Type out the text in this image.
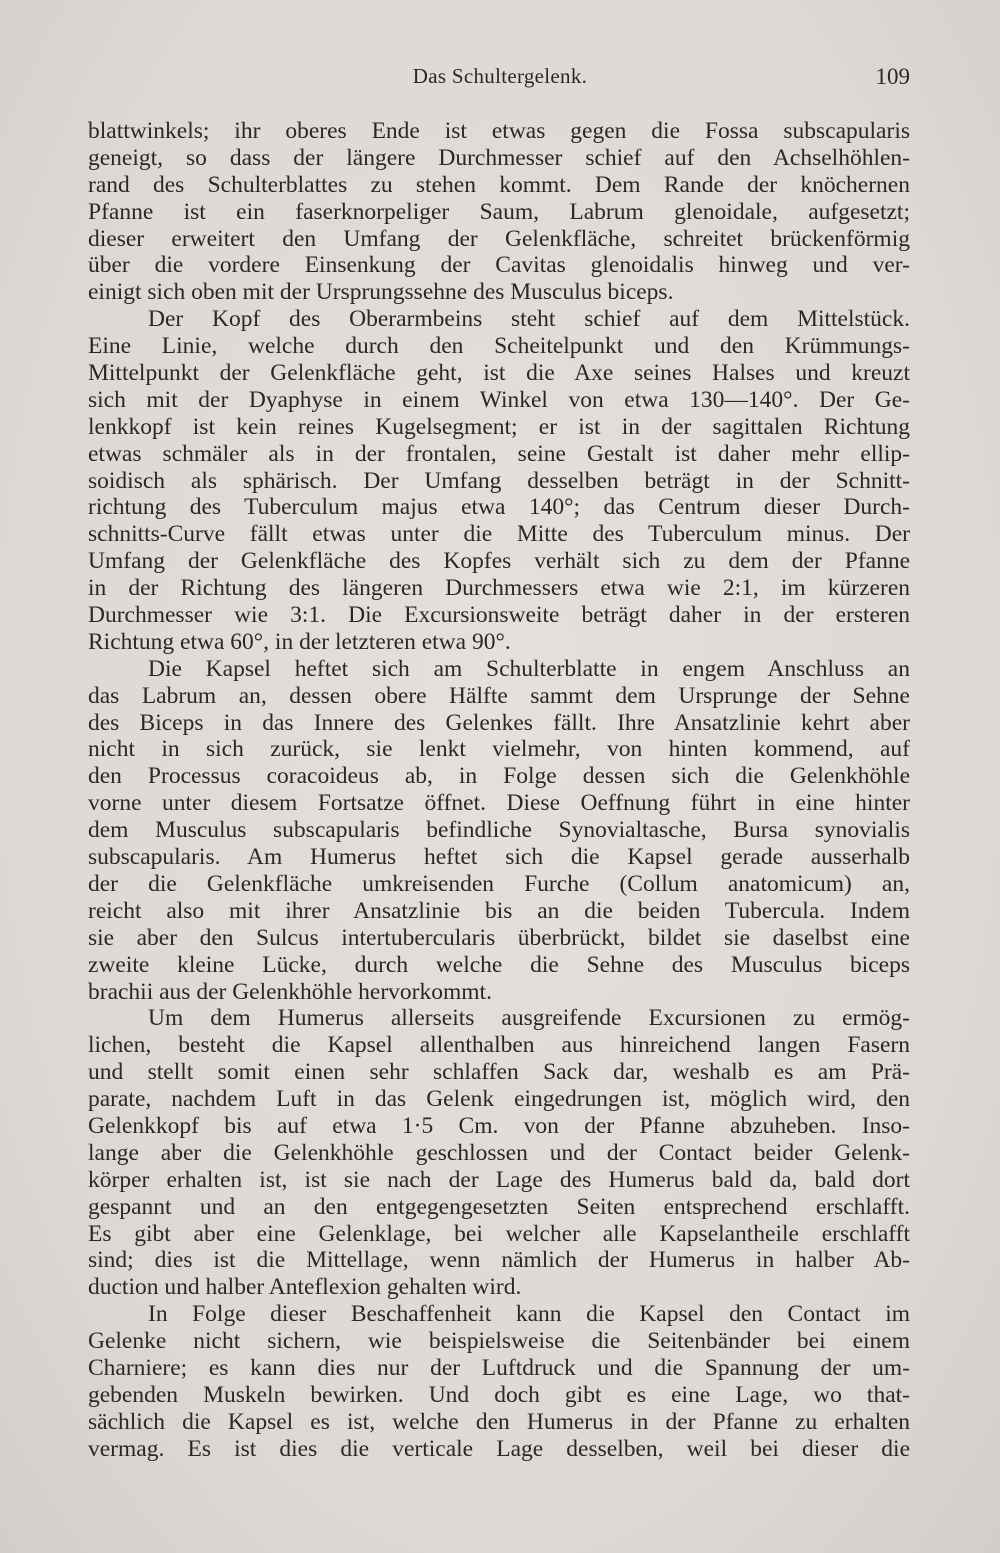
Das Schultergelenk.	109
blattwinkels; ihr oberes Ende ist etwas gegen die Fossa subscapularis
geneigt, so dass der längere Durchmesser schief auf den Achselhöhlen-
rand des Schulterblattes zu stehen kommt. Dem Rande der knöchernen
Pfanne ist ein faserknorpeliger Saum, Labrum glenoidale, aufgesetzt;
dieser erweitert den Umfang der Gelenkfläche, schreitet brückenförmig
über die vordere Einsenkung der Cavitas glenoidalis hinweg und ver-
einigt sich oben mit der Ursprungssehne des Musculus biceps.
Der Kopf des Oberarmbeins steht schief auf dem Mittelstück.
Eine Linie, welche durch den Scheitelpunkt und den Krümmungs-
Mittelpunkt der Gelenkfläche geht, ist die Axe seines Halses und kreuzt
sich mit der Dyaphyse in einem Winkel von etwa 130—140°. Der Ge-
lenkkopf ist kein reines Kugelsegment; er ist in der sagittalen Richtung
etwas schmäler als in der frontalen, seine Gestalt ist daher mehr ellip-
soidisch als sphärisch. Der Umfang desselben beträgt in der Schnitt-
richtung des Tuberculum majus etwa 140°; das Centrum dieser Durch-
schnitts-Curve fällt etwas unter die Mitte des Tuberculum minus. Der
Umfang der Gelenkfläche des Kopfes verhält sich zu dem der Pfanne
in der Richtung des längeren Durchmessers etwa wie 2:1, im kürzeren
Durchmesser wie 3:1. Die Excursionsweite beträgt daher in der ersteren
Richtung etwa 60°, in der letzteren etwa 90°.
Die Kapsel heftet sich am Schulterblatte in engem Anschluss an
das Labrum an, dessen obere Hälfte sammt dem Ursprunge der Sehne
des Biceps in das Innere des Gelenkes fällt. Ihre Ansatzlinie kehrt aber
nicht in sich zurück, sie lenkt vielmehr, von hinten kommend, auf
den Processus coracoideus ab, in Folge dessen sich die Gelenkhöhle
vorne unter diesem Fortsatze öffnet. Diese Oeffnung führt in eine hinter
dem Musculus subscapularis befindliche Synovialtasche, Bursa synovialis
subscapularis. Am Humerus heftet sich die Kapsel gerade ausserhalb
der die Gelenkfläche umkreisenden Furche (Collum anatomicum) an,
reicht also mit ihrer Ansatzlinie bis an die beiden Tubercula. Indem
sie aber den Sulcus intertubercularis überbrückt, bildet sie daselbst eine
zweite kleine Lücke, durch welche die Sehne des Musculus biceps
brachii aus der Gelenkhöhle hervorkommt.
Um dem Humerus allerseits ausgreifende Excursionen zu ermög-
lichen, besteht die Kapsel allenthalben aus hinreichend langen Fasern
und stellt somit einen sehr schlaffen Sack dar, weshalb es am Prä-
parate, nachdem Luft in das Gelenk eingedrungen ist, möglich wird, den
Gelenkkopf bis auf etwa 1·5 Cm. von der Pfanne abzuheben. Inso-
lange aber die Gelenkhöhle geschlossen und der Contact beider Gelenk-
körper erhalten ist, ist sie nach der Lage des Humerus bald da, bald dort
gespannt und an den entgegengesetzten Seiten entsprechend erschlafft.
Es gibt aber eine Gelenklage, bei welcher alle Kapselantheile erschlafft
sind; dies ist die Mittellage, wenn nämlich der Humerus in halber Ab-
duction und halber Anteflexion gehalten wird.
In Folge dieser Beschaffenheit kann die Kapsel den Contact im
Gelenke nicht sichern, wie beispielsweise die Seitenbänder bei einem
Charniere; es kann dies nur der Luftdruck und die Spannung der um-
gebenden Muskeln bewirken. Und doch gibt es eine Lage, wo that-
sächlich die Kapsel es ist, welche den Humerus in der Pfanne zu erhalten
vermag. Es ist dies die verticale Lage desselben, weil bei dieser die
